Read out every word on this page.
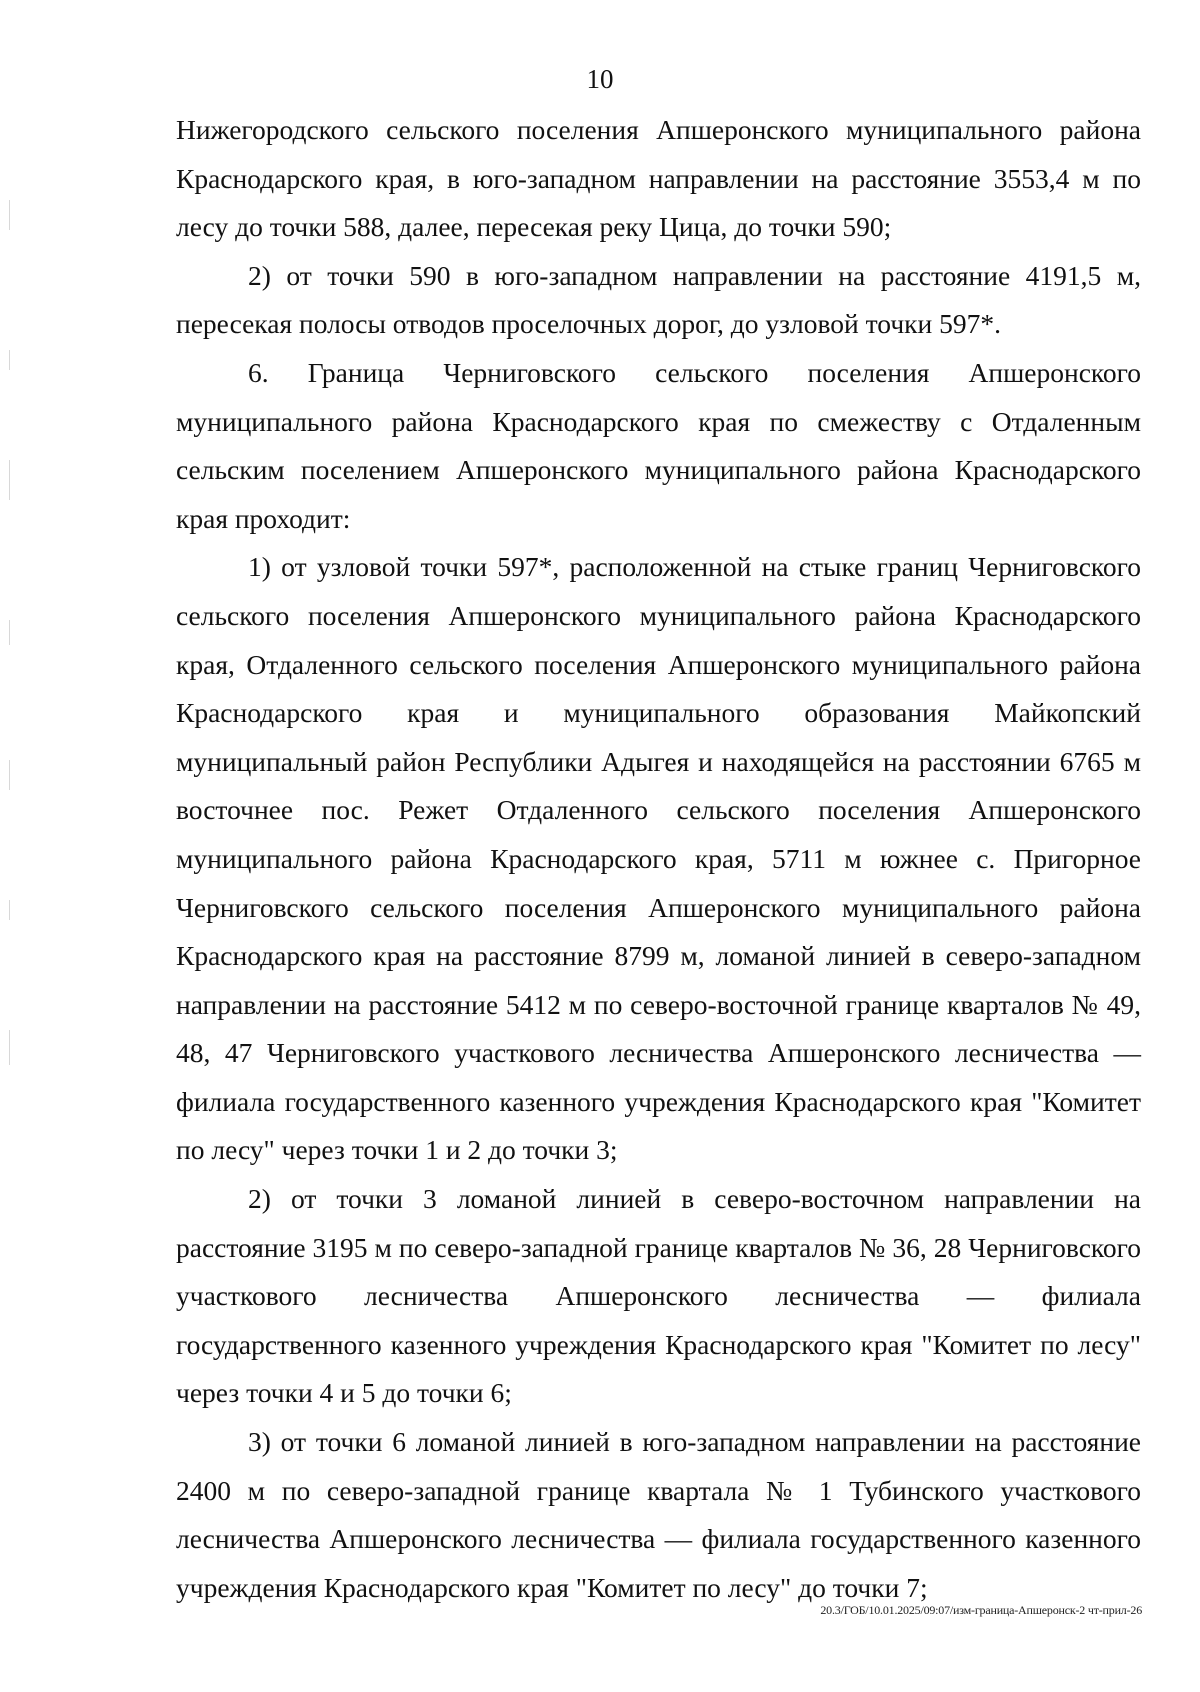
10

Нижегородского сельского поселения Апшеронского муниципального района Краснодарского края, в юго-западном направлении на расстояние 3553,4 м по лесу до точки 588, далее, пересекая реку Цица, до точки 590;

2) от точки 590 в юго-западном направлении на расстояние 4191,5 м, пересекая полосы отводов проселочных дорог, до узловой точки 597*.

6. Граница Черниговского сельского поселения Апшеронского муниципального района Краснодарского края по смежеству с Отдаленным сельским поселением Апшеронского муниципального района Краснодарского края проходит:

1) от узловой точки 597*, расположенной на стыке границ Черниговского сельского поселения Апшеронского муниципального района Краснодарского края, Отдаленного сельского поселения Апшеронского муниципального района Краснодарского края и муниципального образования Майкопский муниципальный район Республики Адыгея и находящейся на расстоянии 6765 м восточнее пос. Режет Отдаленного сельского поселения Апшеронского муниципального района Краснодарского края, 5711 м южнее с. Пригорное Черниговского сельского поселения Апшеронского муниципального района Краснодарского края на расстояние 8799 м, ломаной линией в северо-западном направлении на расстояние 5412 м по северо-восточной границе кварталов № 49, 48, 47 Черниговского участкового лесничества Апшеронского лесничества — филиала государственного казенного учреждения Краснодарского края "Комитет по лесу" через точки 1 и 2 до точки 3;

2) от точки 3 ломаной линией в северо-восточном направлении на расстояние 3195 м по северо-западной границе кварталов № 36, 28 Черниговского участкового лесничества Апшеронского лесничества — филиала государственного казенного учреждения Краснодарского края "Комитет по лесу" через точки 4 и 5 до точки 6;

3) от точки 6 ломаной линией в юго-западном направлении на расстояние 2400 м по северо-западной границе квартала № 1 Тубинского участкового лесничества Апшеронского лесничества — филиала государственного казенного учреждения Краснодарского края "Комитет по лесу" до точки 7;

20.3/ГОБ/10.01.2025/09:07/изм-граница-Апшеронск-2 чт-прил-26
